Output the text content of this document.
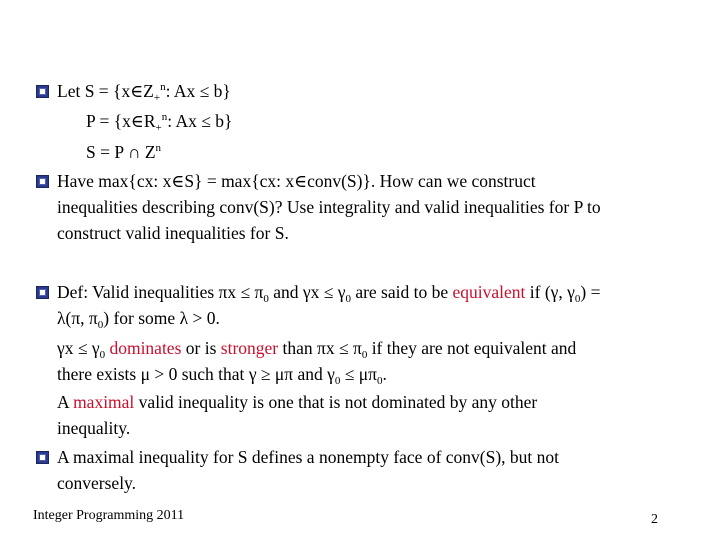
Let $S = \{x\in Z_+^n$: Ax ≤ b}
$P = \{x\in R_+^n$: Ax ≤ b}
S = P ∩ $Z^n$
Have max{cx: x∈S} = max{cx: x∈conv(S)}. How can we construct
inequalities describing conv(S)? Use integrality and valid inequalities for P to
construct valid inequalities for S.
Def: Valid inequalities $\pi x \le \pi_0$ and $\gamma x \le \gamma_0$ are said to be equivalent if (γ, $\gamma_0$) =
λ(π, $\pi_0$) for some λ > 0.
$\gamma x \le \gamma_0$ dominates or is stronger than $\pi x \le \pi_0$ if they are not equivalent and
there exists μ > 0 such that γ ≥ μπ and $\gamma_0 \le \mu\pi_0$.
A maximal valid inequality is one that is not dominated by any other
inequality.
A maximal inequality for S defines a nonempty face of conv(S), but not
conversely.
Integer Programming 2011	2
